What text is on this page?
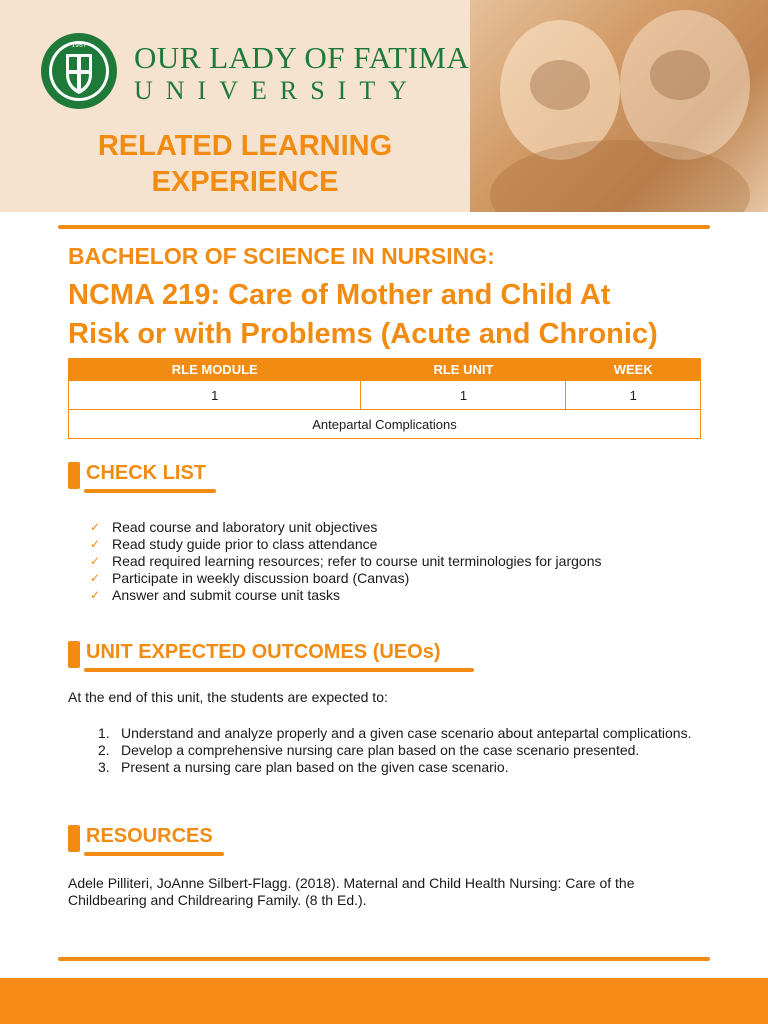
1967 OUR LADY OF FATIMA
UNIVERSITY
RELATED LEARNING
EXPERIENCE
BACHELOR OF SCIENCE IN NURSING:
NCMA 219: Care of Mother and Child At
Risk or with Problems (Acute and Chronic)
RLE MODULE	RLE UNIT	WEEK
1	1	1
Antepartal Complications		
CHECK LIST
✓ Read course and laboratory unit objectives
✓ Read study guide prior to class attendance
✓ Read required learning resources; refer to course unit terminologies for jargons
✓ Participate in weekly discussion board (Canvas)
✓ Answer and submit course unit tasks
UNIT EXPECTED OUTCOMES (UEOs)
At the end of this unit, the students are expected to:
1. Understand and analyze properly and a given case scenario about antepartal complications.
2. Develop a comprehensive nursing care plan based on the case scenario presented.
3. Present a nursing care plan based on the given case scenario.
RESOURCES
Adele Pilliteri, JoAnne Silbert-Flagg. (2018). Maternal and Child Health Nursing: Care of the Childbearing and Childrearing Family. (8 th Ed.).
